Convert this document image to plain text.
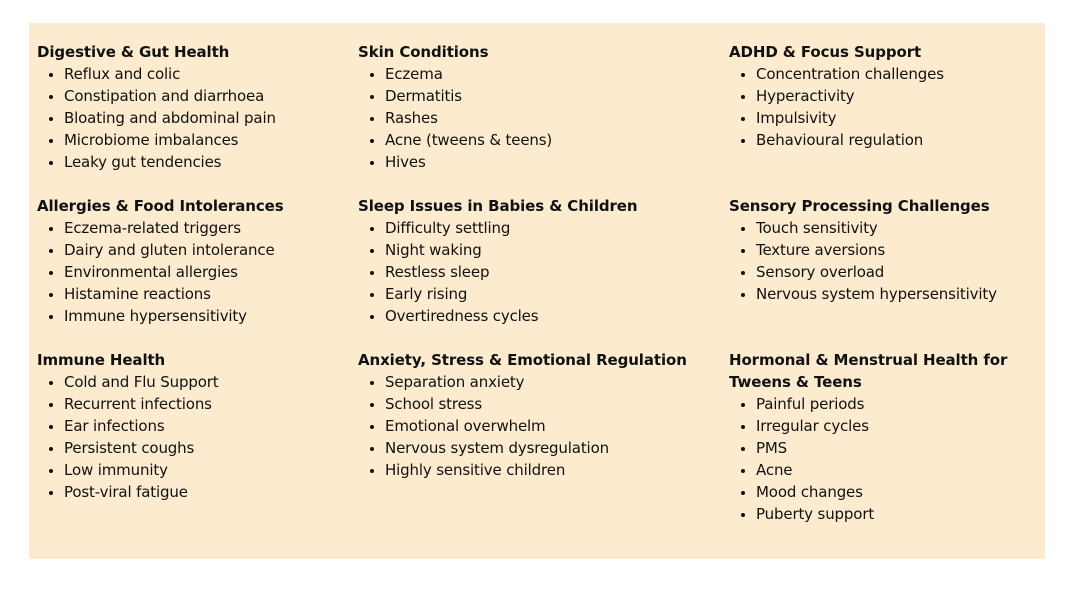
Digestive & Gut Health

Reflux and colic
Constipation and diarrhoea
Bloating and abdominal pain
Microbiome imbalances
Leaky gut tendencies

Allergies & Food Intolerances

Eczema-related triggers
Dairy and gluten intolerance
Environmental allergies
Histamine reactions
Immune hypersensitivity

Immune Health

Cold and Flu Support
Recurrent infections
Ear infections
Persistent coughs
Low immunity
Post-viral fatigue

Skin Conditions

Eczema
Dermatitis
Rashes
Acne (tweens & teens)
Hives

Sleep Issues in Babies & Children

Difficulty settling
Night waking
Restless sleep
Early rising
Overtiredness cycles

Anxiety, Stress & Emotional Regulation

Separation anxiety
School stress
Emotional overwhelm
Nervous system dysregulation
Highly sensitive children

ADHD & Focus Support

Concentration challenges
Hyperactivity
Impulsivity
Behavioural regulation

Sensory Processing Challenges

Touch sensitivity
Texture aversions
Sensory overload
Nervous system hypersensitivity

Hormonal & Menstrual Health for Tweens & Teens

Painful periods
Irregular cycles
PMS
Acne
Mood changes
Puberty support
